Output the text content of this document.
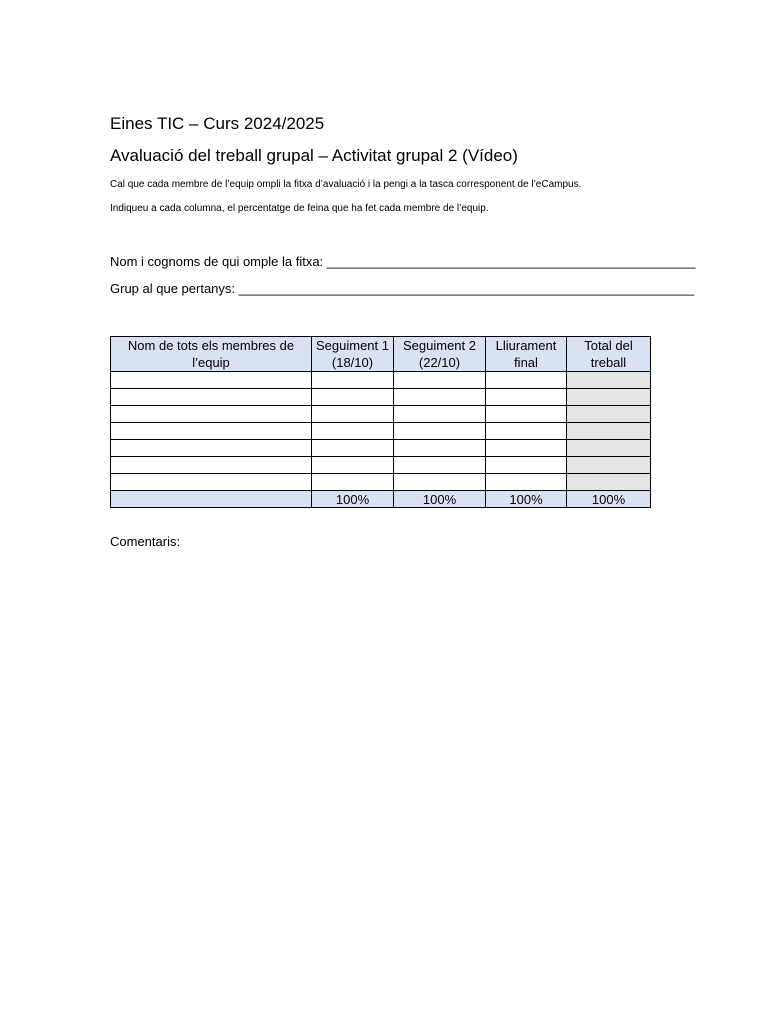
Eines TIC – Curs 2024/2025
Avaluació del treball grupal – Activitat grupal 2 (Vídeo)
Cal que cada membre de l’equip ompli la fitxa d’avaluació i la pengi a la tasca corresponent de l’eCampus.
Indiqueu a cada columna, el percentatge de feina que ha fet cada membre de l’equip.
Nom i cognoms de qui omple la fitxa: ___________________________________________________
Grup al que pertanys: _______________________________________________________________
Nom de tots els membres de l’equip	Seguiment 1 (18/10)	Seguiment 2 (22/10)	Lliurament final	Total del treball

	100%	100%	100%	100%
Comentaris:
